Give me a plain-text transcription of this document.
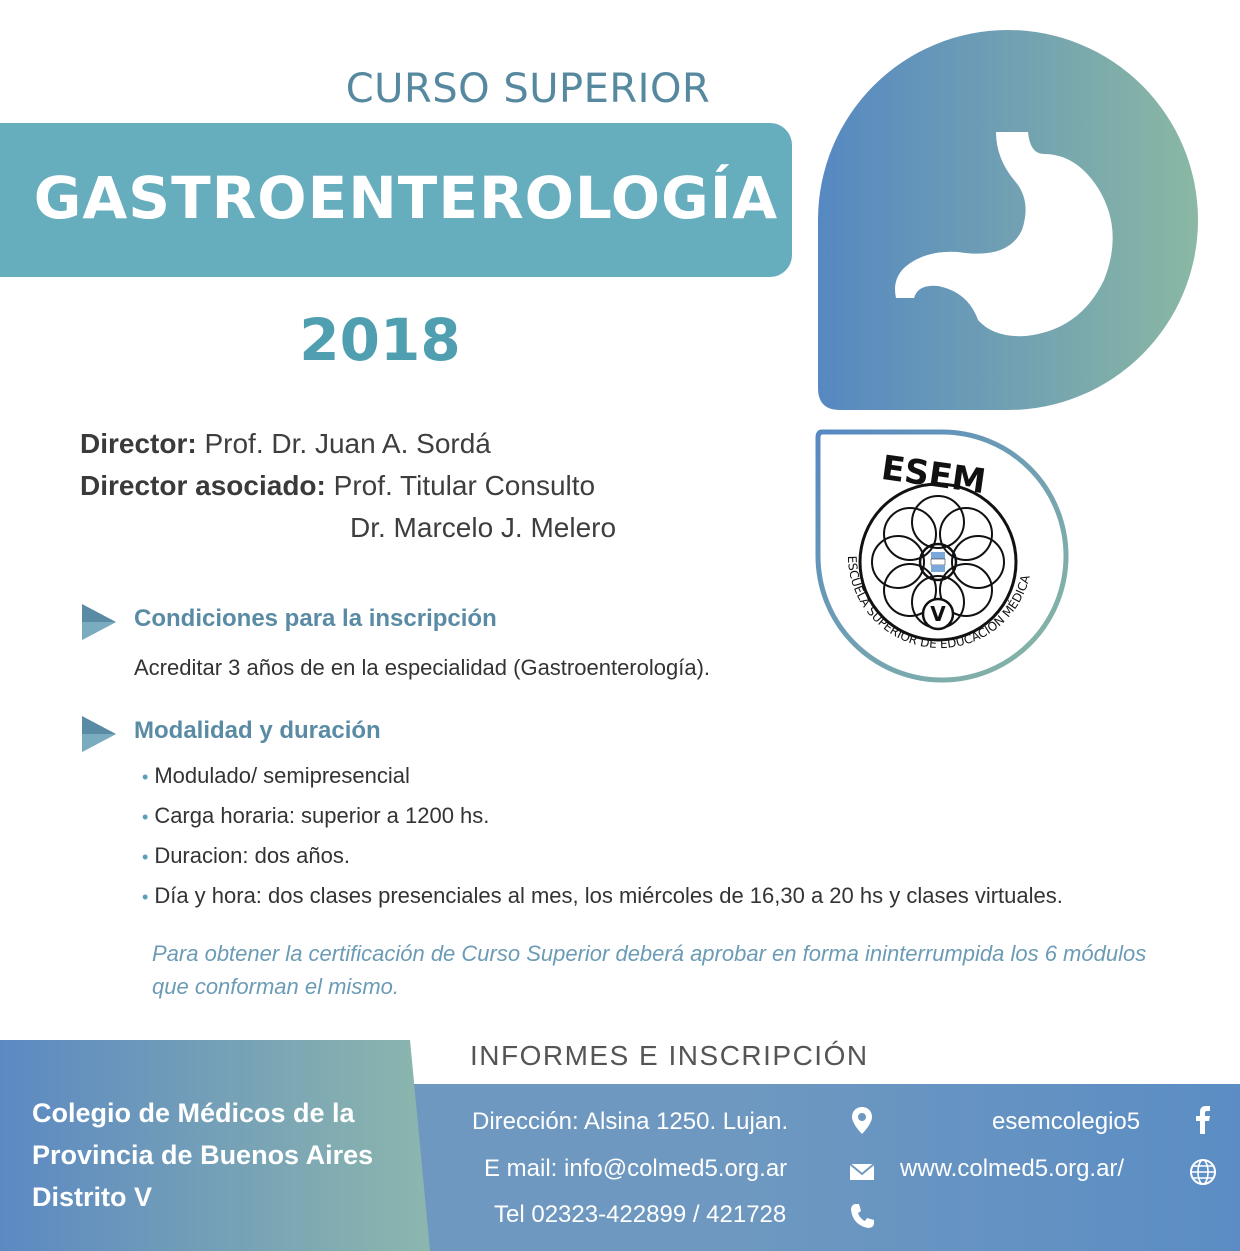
CURSO SUPERIOR
GASTROENTEROLOGÍA
2018
V
ESEM
ESCUELA SUPERIOR DE EDUCACIÓN MÉDICA
Director: Prof. Dr. Juan A. Sordá
Director asociado: Prof. Titular Consulto
Dr. Marcelo J. Melero
Condiciones para la inscripción
Acreditar 3 años de en la especialidad (Gastroenterología).
Modalidad y duración
• Modulado/ semipresencial
• Carga horaria: superior a 1200 hs.
• Duracion: dos años.
• Día y hora: dos clases presenciales al mes, los miércoles de 16,30 a 20 hs y clases virtuales.
Para obtener la certificación de Curso Superior deberá aprobar en forma ininterrumpida los 6 módulos que conforman el mismo.
Colegio de Médicos de la
Provincia de Buenos Aires
Distrito V
INFORMES E INSCRIPCIÓN
Dirección: Alsina 1250. Lujan.
E mail: info@colmed5.org.ar
Tel 02323-422899 / 421728
esemcolegio5
www.colmed5.org.ar/
